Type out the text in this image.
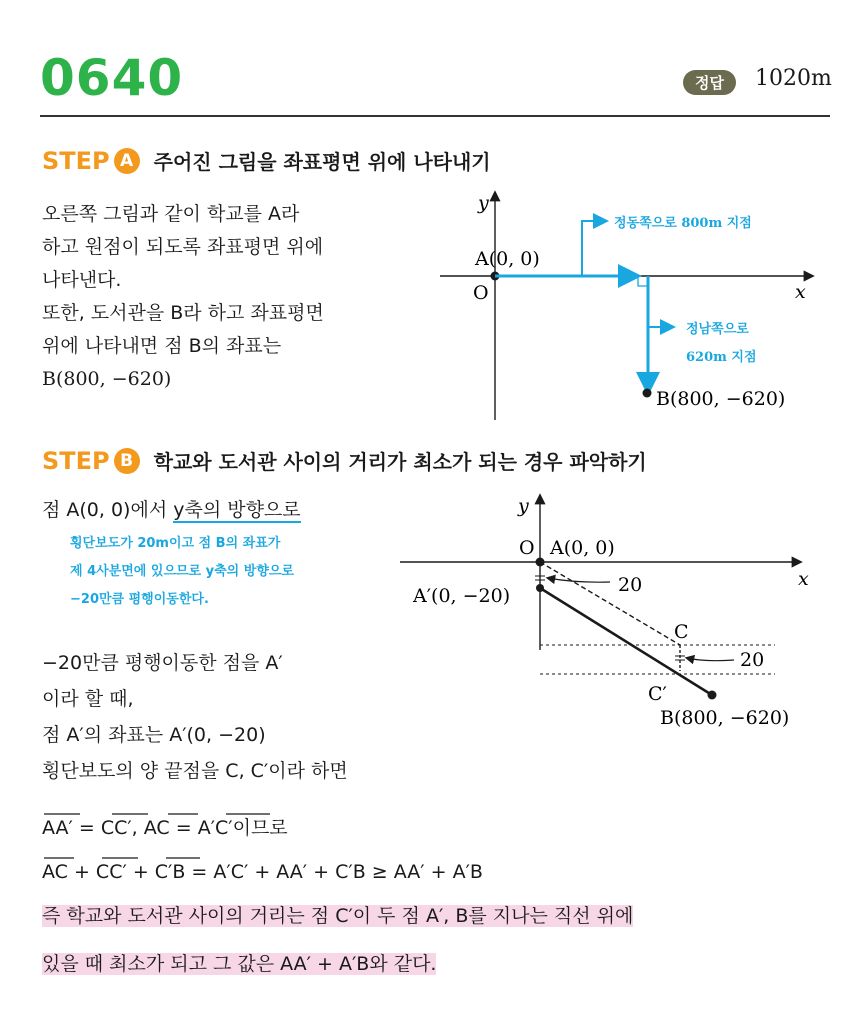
0640	정답	1020m
STEP A	주어진 그림을 좌표평면 위에 나타내기
오른쪽 그림과 같이 학교를 A라
하고 원점이 되도록 좌표평면 위에
나타낸다.
또한, 도서관을 B라 하고 좌표평면
위에 나타내면 점 B의 좌표는
B(800, −620)
y
x
O
A(0, 0)
정동쪽으로 800m 지점
정남쪽으로
620m 지점
B(800, −620)
STEP B	학교와 도서관 사이의 거리가 최소가 되는 경우 파악하기
점 A(0, 0)에서 y축의 방향으로
횡단보도가 20m이고 점 B의 좌표가
제 4사분면에 있으므로 y축의 방향으로
−20만큼 평행이동한다.
−20만큼 평행이동한 점을 A′
이라 할 때,
점 A′의 좌표는 A′(0, −20)
횡단보도의 양 끝점을 C, C′이라 하면
AA′ = CC′, AC = A′C′이므로
AC + CC′ + C′B = A′C′ + AA′ + C′B ≥ AA′ + A′B
즉 학교와 도서관 사이의 거리는 점 C′이 두 점 A′, B를 지나는 직선 위에
있을 때 최소가 되고 그 값은 AA′ + A′B와 같다.
y
x
O A(0, 0)
A′(0, −20)
B(800, −620)
C
C′
20
20
